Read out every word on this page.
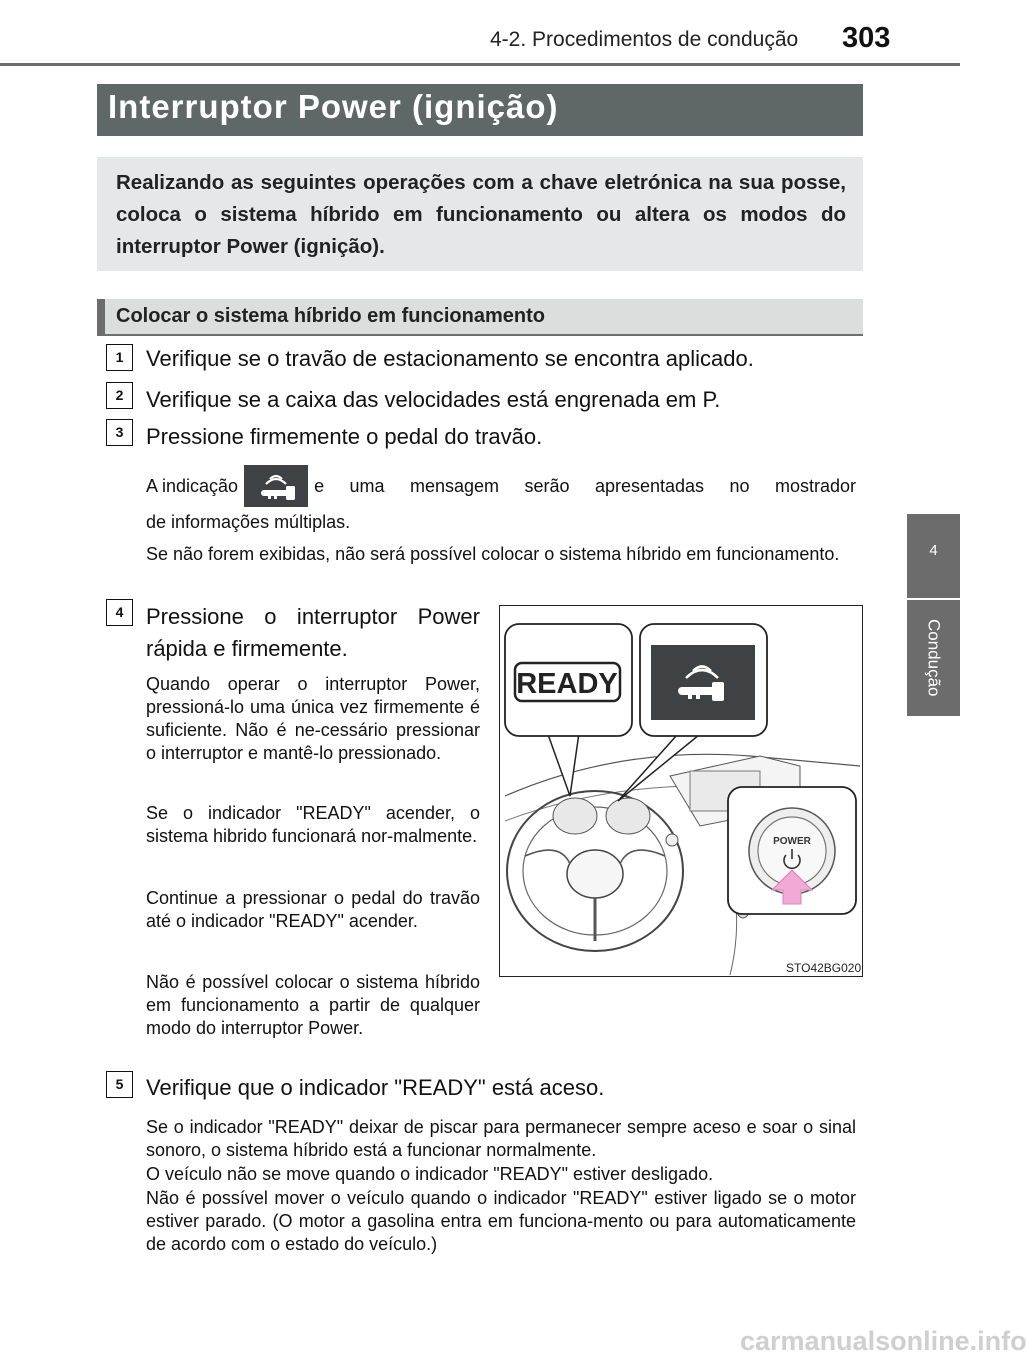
4-2. Procedimentos de condução 303
4
Condução
Interruptor Power (ignição)
Realizando as seguintes operações com a chave eletrónica na sua posse, coloca o sistema híbrido em funcionamento ou altera os modos do interruptor Power (ignição).
Colocar o sistema híbrido em funcionamento
1	Verifique se o travão de estacionamento se encontra aplicado.
2	Verifique se a caixa das velocidades está engrenada em P.
3	Pressione firmemente o pedal do travão.
A indicação	e uma mensagem serão apresentadas no mostrador
de informações múltiplas.
Se não forem exibidas, não será possível colocar o sistema híbrido em funcionamento.
4	Pressione o interruptor Power
rápida e firmemente.
Quando operar o interruptor Power, pressioná-lo uma única vez firmemente é suficiente. Não é ne-cessário pressionar o interruptor e mantê-lo pressionado.
Se o indicador "READY" acender, o sistema hibrido funcionará nor-malmente.
Continue a pressionar o pedal do travão até o indicador "READY" acender.
Não é possível colocar o sistema híbrido em funcionamento a partir de qualquer modo do interruptor Power.
READY
POWER
STO42BG020
5	Verifique que o indicador "READY" está aceso.
Se o indicador "READY" deixar de piscar para permanecer sempre aceso e soar o sinal sonoro, o sistema híbrido está a funcionar normalmente.
O veículo não se move quando o indicador "READY" estiver desligado.
Não é possível mover o veículo quando o indicador "READY" estiver ligado se o motor estiver parado. (O motor a gasolina entra em funciona-mento ou para automaticamente de acordo com o estado do veículo.)
carmanualsonline.info
